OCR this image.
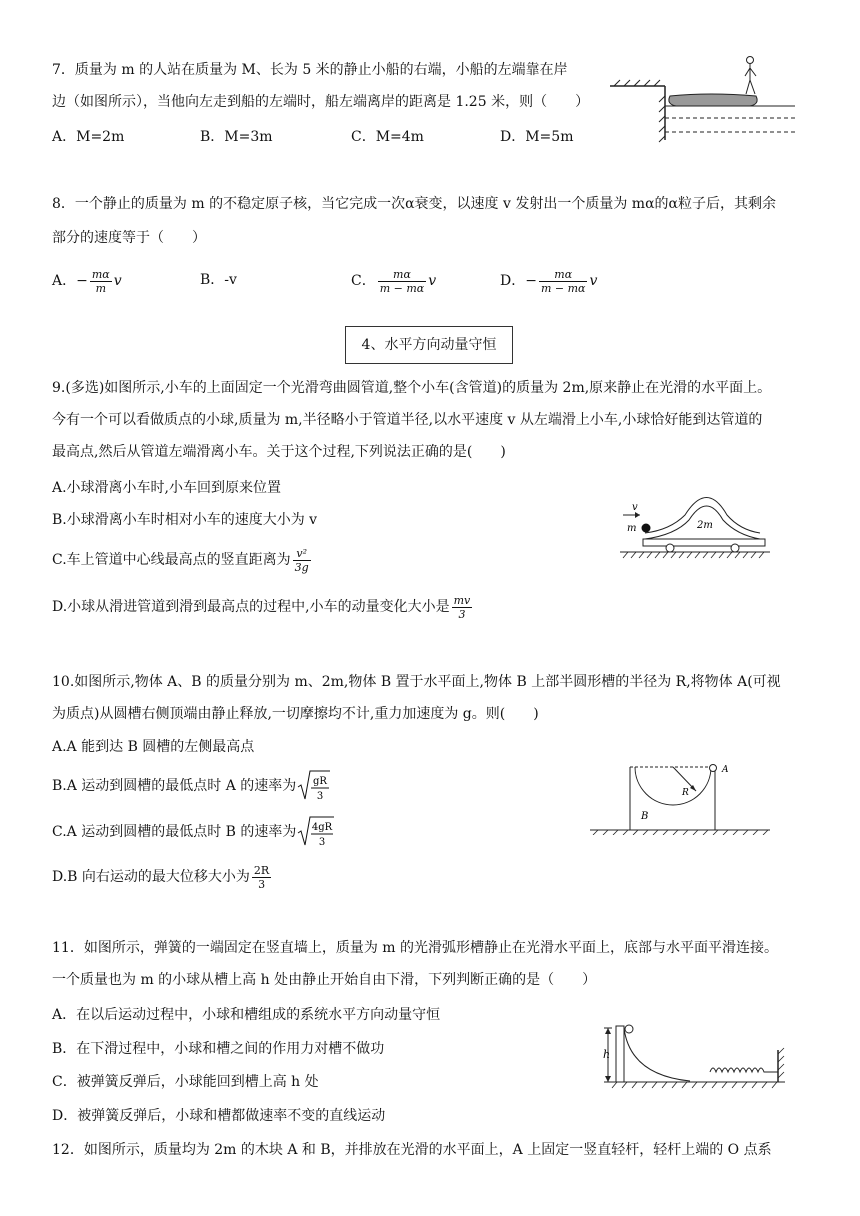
7．质量为 m 的人站在质量为 M、长为 5 米的静止小船的右端，小船的左端靠在岸
边（如图所示），当他向左走到船的左端时，船左端离岸的距离是 1.25 米，则（　　）
A．M=2m	B．M=3m	C．M=4m	D．M=5m
8．一个静止的质量为 m 的不稳定原子核，当它完成一次α衰变，以速度 v 发射出一个质量为 mα的α粒子后，其剩余
部分的速度等于（　　）
A．− $\frac{m\alpha}{m}$ v	B．-v	C． $\frac{m\alpha}{m - m\alpha}$ v	D．− $\frac{m\alpha}{m - m\alpha}$ v
4、水平方向动量守恒
9.(多选)如图所示,小车的上面固定一个光滑弯曲圆管道,整个小车(含管道)的质量为 2m,原来静止在光滑的水平面上。
今有一个可以看做质点的小球,质量为 m,半径略小于管道半径,以水平速度 v 从左端滑上小车,小球恰好能到达管道的
最高点,然后从管道左端滑离小车。关于这个过程,下列说法正确的是(　　)
A.小球滑离小车时,小车回到原来位置
B.小球滑离小车时相对小车的速度大小为 v
C.车上管道中心线最高点的竖直距离为 $\frac{\text{v²}}{3g}$
D.小球从滑进管道到滑到最高点的过程中,小车的动量变化大小是 $\frac{mv}{3}$
v
m	2m
10.如图所示,物体 A、B 的质量分别为 m、2m,物体 B 置于水平面上,物体 B 上部半圆形槽的半径为 R,将物体 A(可视
为质点)从圆槽右侧顶端由静止释放,一切摩擦均不计,重力加速度为 g。则(　　)
A.A 能到达 B 圆槽的左侧最高点
B.A 运动到圆槽的最低点时 A 的速率为 gR
3
C.A 运动到圆槽的最低点时 B 的速率为 4gR
3
D.B 向右运动的最大位移大小为 $\frac{2R}{3}$
R
A
B
11．如图所示，弹簧的一端固定在竖直墙上，质量为 m 的光滑弧形槽静止在光滑水平面上，底部与水平面平滑连接。
一个质量也为 m 的小球从槽上高 h 处由静止开始自由下滑，下列判断正确的是（　　）
A．在以后运动过程中，小球和槽组成的系统水平方向动量守恒
B．在下滑过程中，小球和槽之间的作用力对槽不做功
C．被弹簧反弹后，小球能回到槽上高 h 处
D．被弹簧反弹后，小球和槽都做速率不变的直线运动
h
12．如图所示，质量均为 2m 的木块 A 和 B，并排放在光滑的水平面上，A 上固定一竖直轻杆，轻杆上端的 O 点系
